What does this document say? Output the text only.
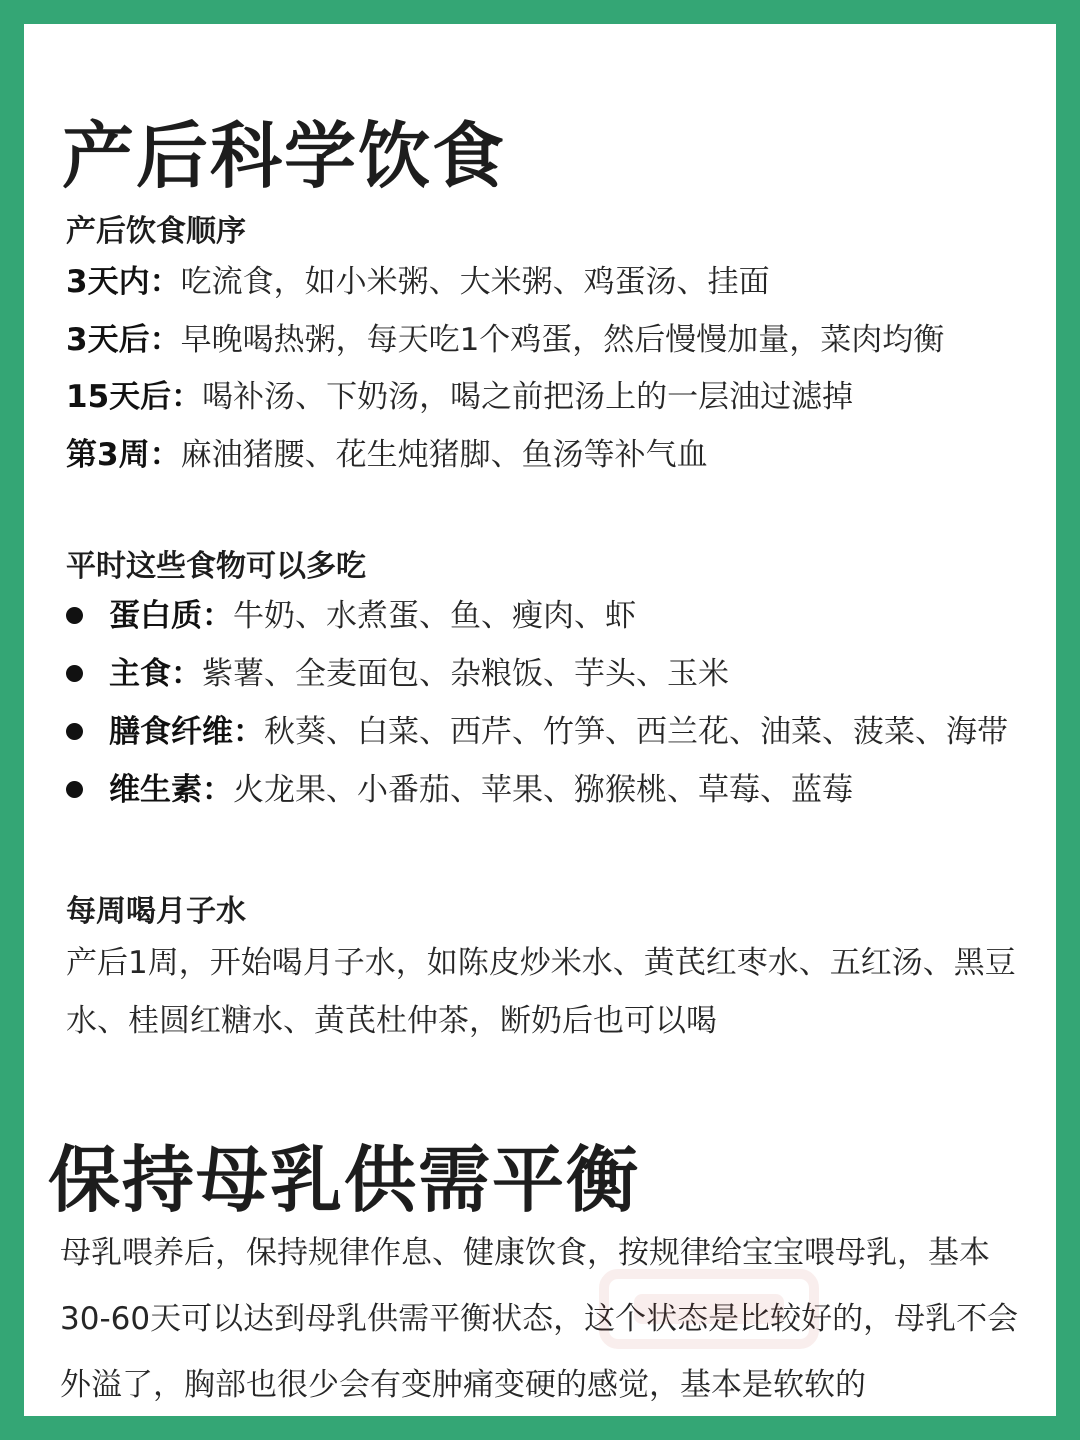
产后科学饮食
产后饮食顺序

3天内：吃流食，如小米粥、大米粥、鸡蛋汤、挂面

3天后：早晚喝热粥，每天吃1个鸡蛋，然后慢慢加量，菜肉均衡

15天后：喝补汤、下奶汤，喝之前把汤上的一层油过滤掉

第3周：麻油猪腰、花生炖猪脚、鱼汤等补气血

平时这些食物可以多吃

蛋白质：牛奶、水煮蛋、鱼、瘦肉、虾

主食：紫薯、全麦面包、杂粮饭、芋头、玉米

膳食纤维：秋葵、白菜、西芹、竹笋、西兰花、油菜、菠菜、海带

维生素：火龙果、小番茄、苹果、猕猴桃、草莓、蓝莓

每周喝月子水

产后1周，开始喝月子水，如陈皮炒米水、黄芪红枣水、五红汤、黑豆水、桂圆红糖水、黄芪杜仲茶，断奶后也可以喝

保持母乳供需平衡

母乳喂养后，保持规律作息、健康饮食，按规律给宝宝喂母乳，基本30-60天可以达到母乳供需平衡状态，这个状态是比较好的，母乳不会外溢了，胸部也很少会有变肿痛变硬的感觉，基本是软软的
